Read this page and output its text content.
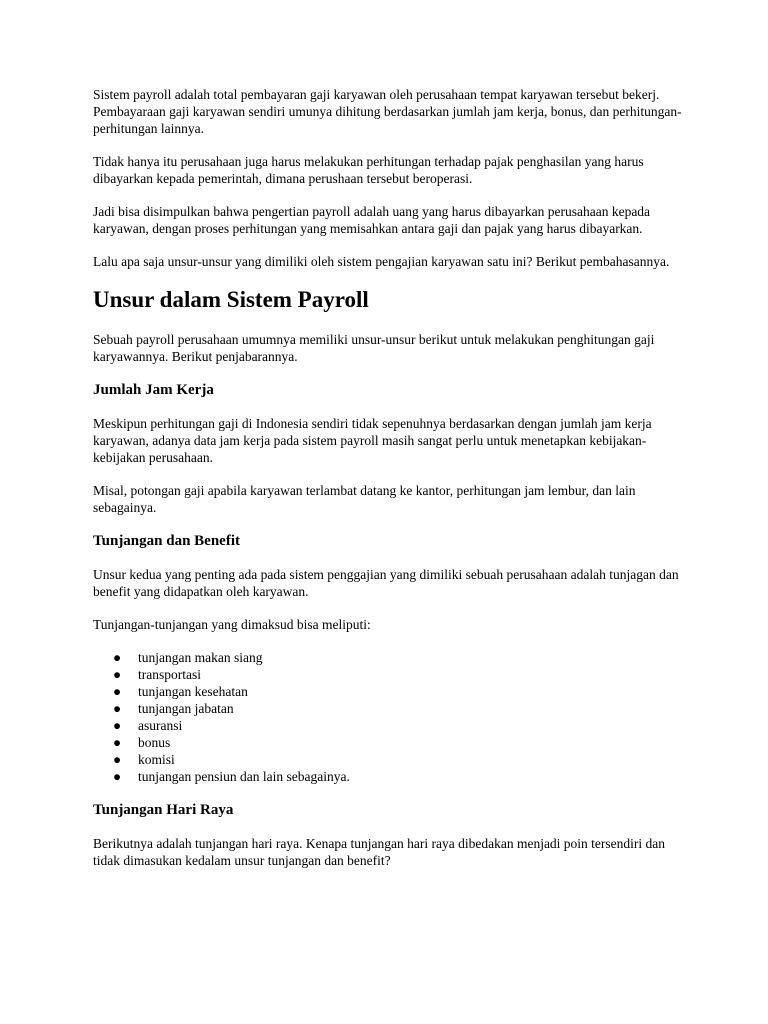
Sistem payroll adalah total pembayaran gaji karyawan oleh perusahaan tempat karyawan tersebut bekerj. Pembayaraan gaji karyawan sendiri umunya dihitung berdasarkan jumlah jam kerja, bonus, dan perhitungan-perhitungan lainnya.

Tidak hanya itu perusahaan juga harus melakukan perhitungan terhadap pajak penghasilan yang harus dibayarkan kepada pemerintah, dimana perushaan tersebut beroperasi.

Jadi bisa disimpulkan bahwa pengertian payroll adalah uang yang harus dibayarkan perusahaan kepada karyawan, dengan proses perhitungan yang memisahkan antara gaji dan pajak yang harus dibayarkan.

Lalu apa saja unsur-unsur yang dimiliki oleh sistem pengajian karyawan satu ini? Berikut pembahasannya.

Unsur dalam Sistem Payroll

Sebuah payroll perusahaan umumnya memiliki unsur-unsur berikut untuk melakukan penghitungan gaji karyawannya. Berikut penjabarannya.

Jumlah Jam Kerja

Meskipun perhitungan gaji di Indonesia sendiri tidak sepenuhnya berdasarkan dengan jumlah jam kerja karyawan, adanya data jam kerja pada sistem payroll masih sangat perlu untuk menetapkan kebijakan-kebijakan perusahaan.

Misal, potongan gaji apabila karyawan terlambat datang ke kantor, perhitungan jam lembur, dan lain sebagainya.

Tunjangan dan Benefit

Unsur kedua yang penting ada pada sistem penggajian yang dimiliki sebuah perusahaan adalah tunjagan dan benefit yang didapatkan oleh karyawan.

Tunjangan-tunjangan yang dimaksud bisa meliputi:

● tunjangan makan siang
● transportasi
● tunjangan kesehatan
● tunjangan jabatan
● asuransi
● bonus
● komisi
● tunjangan pensiun dan lain sebagainya.
Tunjangan Hari Raya

Berikutnya adalah tunjangan hari raya. Kenapa tunjangan hari raya dibedakan menjadi poin tersendiri dan tidak dimasukan kedalam unsur tunjangan dan benefit?
